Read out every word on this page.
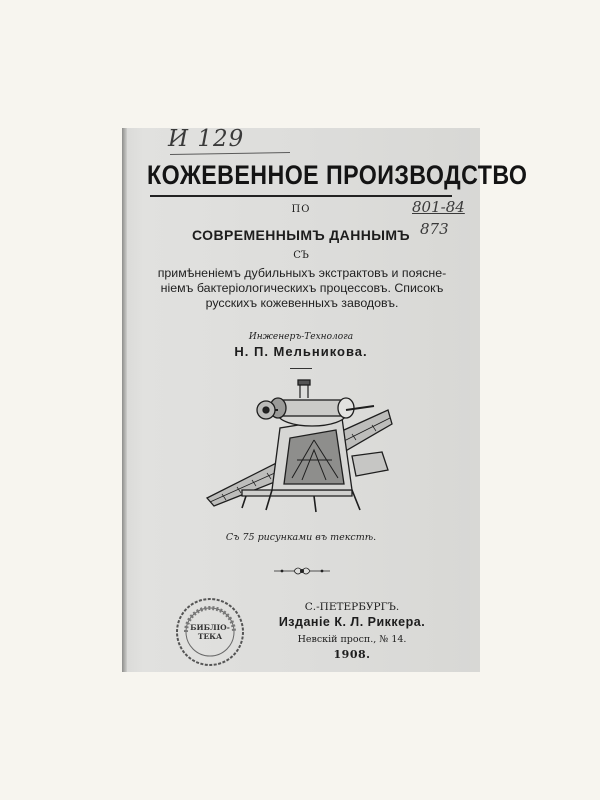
И 129
801-84
873
КОЖЕВЕННОЕ ПРОИЗВОДСТВО
ПО
СОВРЕМЕННЫМЪ ДАННЫМЪ
СЪ
примѣненіемъ дубильныхъ экстрактовъ и поясне-
ніемъ бактеріологическихъ процессовъ. Списокъ
русскихъ кожевенныхъ заводовъ.
Инженеръ-Технолога
Н. П. Мельникова.
Съ 75 рисунками въ текстѣ.
БИБЛІО-
ТЕКА
С.-ПЕТЕРБУРГЪ.
Изданіе К. Л. Риккера.
Невскій просп., № 14.
1908.
